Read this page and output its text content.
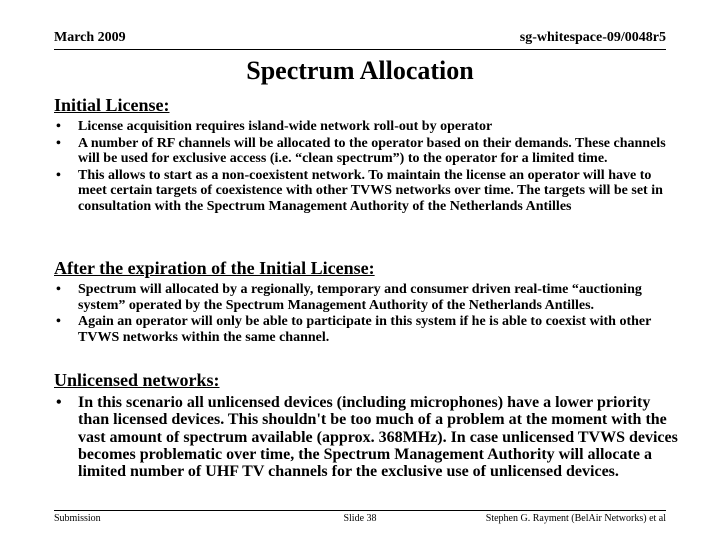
March 2009	sg-whitespace-09/0048r5
Spectrum Allocation
Initial License:
• License acquisition requires island-wide network roll-out by operator
• A number of RF channels will be allocated to the operator based on their demands. These channels will be used for exclusive access (i.e. “clean spectrum”) to the operator for a limited time.
• This allows to start as a non-coexistent network. To maintain the license an operator will have to meet certain targets of coexistence with other TVWS networks over time. The targets will be set in consultation with the Spectrum Management Authority of the Netherlands Antilles
After the expiration of the Initial License:
• Spectrum will allocated by a regionally, temporary and consumer driven real-time “auctioning system” operated by the Spectrum Management Authority of the Netherlands Antilles.
• Again an operator will only be able to participate in this system if he is able to coexist with other TVWS networks within the same channel.
Unlicensed networks:
• In this scenario all unlicensed devices (including microphones) have a lower priority than licensed devices. This shouldn't be too much of a problem at the moment with the vast amount of spectrum available (approx. 368MHz). In case unlicensed TVWS devices becomes problematic over time, the Spectrum Management Authority will allocate a limited number of UHF TV channels for the exclusive use of unlicensed devices.
Submission	Slide 38	Stephen G. Rayment (BelAir Networks) et al
